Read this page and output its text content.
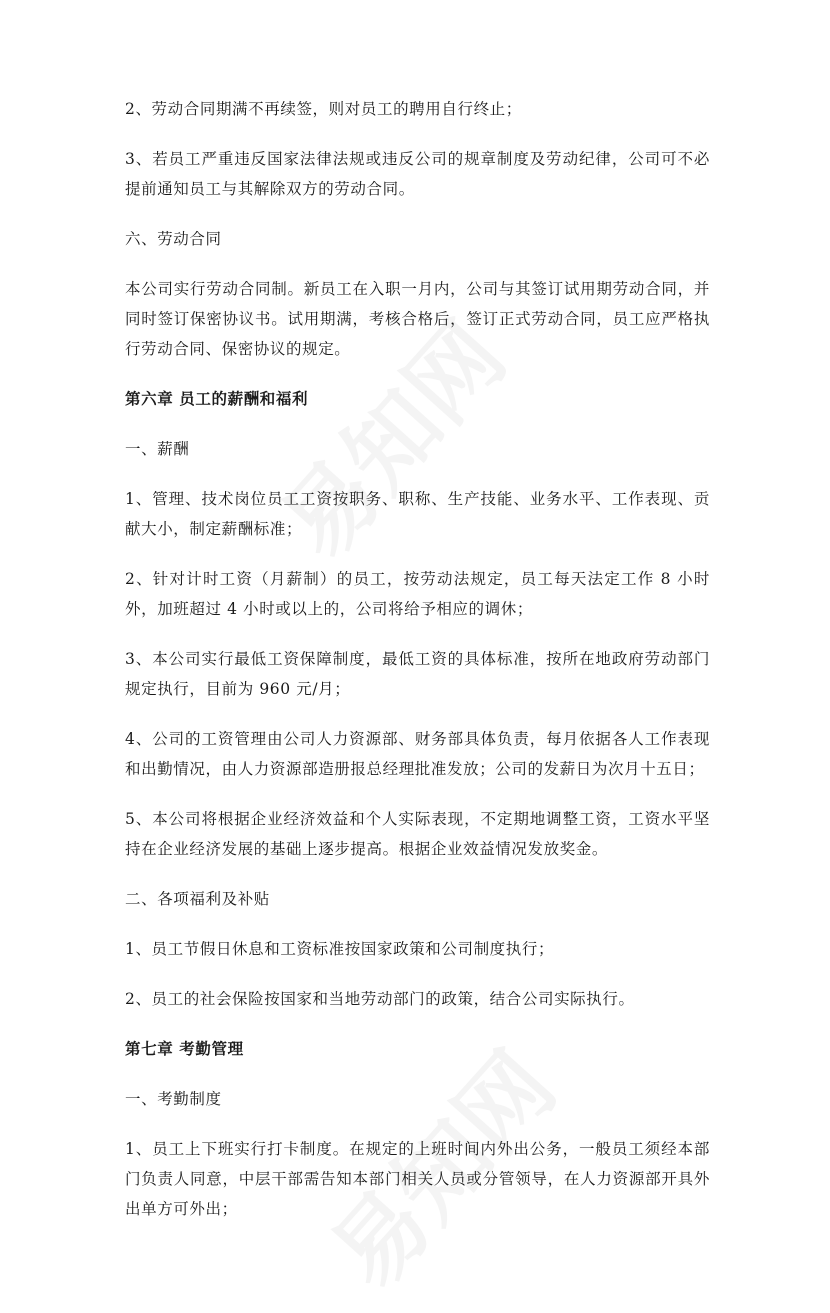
2、劳动合同期满不再续签，则对员工的聘用自行终止；

3、若员工严重违反国家法律法规或违反公司的规章制度及劳动纪律，公司可不必提前通知员工与其解除双方的劳动合同。

六、劳动合同

本公司实行劳动合同制。新员工在入职一月内，公司与其签订试用期劳动合同，并同时签订保密协议书。试用期满，考核合格后，签订正式劳动合同，员工应严格执行劳动合同、保密协议的规定。

第六章 员工的薪酬和福利

一、薪酬

1、管理、技术岗位员工工资按职务、职称、生产技能、业务水平、工作表现、贡献大小，制定薪酬标准；

2、针对计时工资（月薪制）的员工，按劳动法规定，员工每天法定工作 8 小时外，加班超过 4 小时或以上的，公司将给予相应的调休；

3、本公司实行最低工资保障制度，最低工资的具体标准，按所在地政府劳动部门规定执行，目前为 960 元/月；

4、公司的工资管理由公司人力资源部、财务部具体负责，每月依据各人工作表现和出勤情况，由人力资源部造册报总经理批准发放；公司的发薪日为次月十五日；

5、本公司将根据企业经济效益和个人实际表现，不定期地调整工资，工资水平坚持在企业经济发展的基础上逐步提高。根据企业效益情况发放奖金。

二、各项福利及补贴

1、员工节假日休息和工资标准按国家政策和公司制度执行；

2、员工的社会保险按国家和当地劳动部门的政策，结合公司实际执行。

第七章 考勤管理

一、考勤制度

1、员工上下班实行打卡制度。在规定的上班时间内外出公务，一般员工须经本部门负责人同意，中层干部需告知本部门相关人员或分管领导，在人力资源部开具外出单方可外出；
